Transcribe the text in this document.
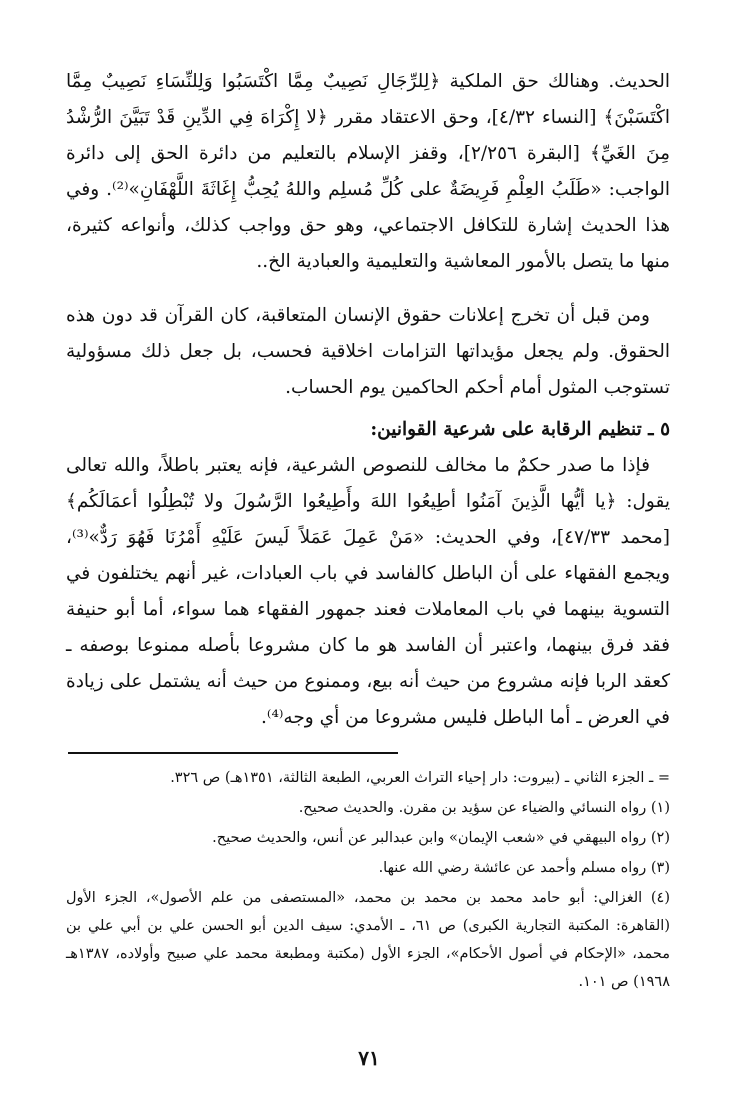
الحديث. وهنالك حق الملكية ﴿لِلرِّجَالِ نَصِيبٌ مِمَّا اكْتَسَبُوا وَلِلنِّسَاءِ نَصِيبٌ مِمَّا اكْتَسَبْنَ﴾ [النساء ٤/٣٢]، وحق الاعتقاد مقرر ﴿لا إِكْرَاهَ فِي الدِّينِ قَدْ تَبَيَّنَ الرُّشْدُ مِنَ الغَيِّ﴾ [البقرة ٢/٢٥٦]، وقفز الإسلام بالتعليم من دائرة الحق إلى دائرة الواجب: «طَلَبُ العِلْمِ فَرِيضَةٌ على كُلِّ مُسلِم واللهُ يُحِبُّ إِغَاثَةَ اللَّهْفَانِ»⁽²⁾. وفي هذا الحديث إشارة للتكافل الاجتماعي، وهو حق وواجب كذلك، وأنواعه كثيرة، منها ما يتصل بالأمور المعاشية والتعليمية والعبادية الخ..

ومن قبل أن تخرج إعلانات حقوق الإنسان المتعاقبة، كان القرآن قد دون هذه الحقوق. ولم يجعل مؤيداتها التزامات اخلاقية فحسب، بل جعل ذلك مسؤولية تستوجب المثول أمام أحكم الحاكمين يوم الحساب.

٥ ـ تنظيم الرقابة على شرعية القوانين:

فإذا ما صدر حكمٌ ما مخالف للنصوص الشرعية، فإنه يعتبر باطلاً، والله تعالى يقول: ﴿يا أيُّها الَّذِينَ آمَنُوا أطِيعُوا اللهَ وأَطِيعُوا الرَّسُولَ ولا تُبْطِلُوا أعمَالَكُم﴾ [محمد ٤٧/٣٣]، وفي الحديث: «مَنْ عَمِلَ عَمَلاً لَيسَ عَلَيْهِ أَمْرُنَا فَهُوَ رَدٌّ»⁽³⁾، ويجمع الفقهاء على أن الباطل كالفاسد في باب العبادات، غير أنهم يختلفون في التسوية بينهما في باب المعاملات فعند جمهور الفقهاء هما سواء، أما أبو حنيفة فقد فرق بينهما، واعتبر أن الفاسد هو ما كان مشروعا بأصله ممنوعا بوصفه ـ كعقد الربا فإنه مشروع من حيث أنه بيع، وممنوع من حيث أنه يشتمل على زيادة في العرض ـ أما الباطل فليس مشروعا من أي وجه⁽⁴⁾.

= ـ الجزء الثاني ـ (بيروت: دار إحياء التراث العربي، الطبعة الثالثة، ١٣٥١هـ) ص ٣٢٦.

(١) رواه النسائي والضياء عن سؤيد بن مقرن. والحديث صحيح.

(٢) رواه البيهقي في «شعب الإيمان» وابن عبدالبر عن أنس، والحديث صحيح.

(٣) رواه مسلم وأحمد عن عائشة رضي الله عنها.

(٤) الغزالي: أبو حامد محمد بن محمد بن محمد، «المستصفى من علم الأصول»، الجزء الأول (القاهرة: المكتبة التجارية الكبرى) ص ٦١، ـ الأمدي: سيف الدين أبو الحسن علي بن أبي علي بن محمد، «الإحكام في أصول الأحكام»، الجزء الأول (مكتبة ومطبعة محمد علي صبيح وأولاده، ١٣٨٧هـ ١٩٦٨) ص ١٠١.

٧١
